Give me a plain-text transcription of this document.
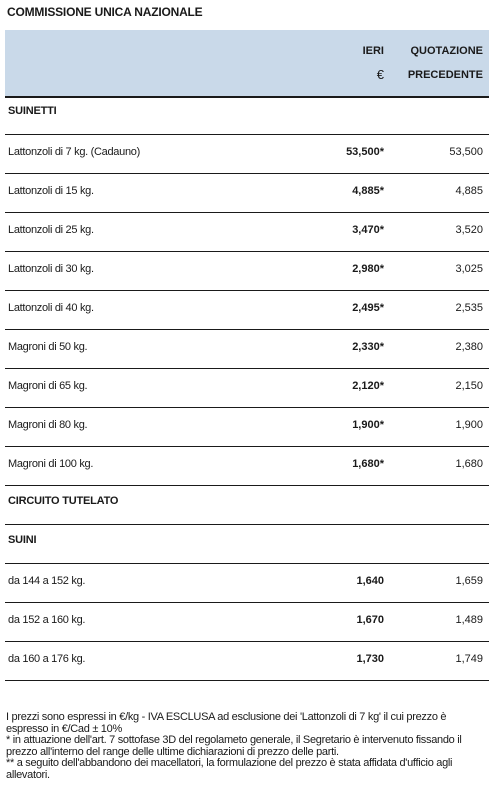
COMMISSIONE UNICA NAZIONALE
IERI
€
QUOTAZIONE
PRECEDENTE
SUINETTI
Lattonzoli di 7 kg. (Cadauno)	53,500*	53,500
Lattonzoli di 15 kg.	4,885*	4,885
Lattonzoli di 25 kg.	3,470*	3,520
Lattonzoli di 30 kg.	2,980*	3,025
Lattonzoli di 40 kg.	2,495*	2,535
Magroni di 50 kg.	2,330*	2,380
Magroni di 65 kg.	2,120*	2,150
Magroni di 80 kg.	1,900*	1,900
Magroni di 100 kg.	1,680*	1,680
CIRCUITO TUTELATO
SUINI
da 144 a 152 kg.	1,640	1,659
da 152 a 160 kg.	1,670	1,489
da 160 a 176 kg.	1,730	1,749

I prezzi sono espressi in €/kg - IVA ESCLUSA ad esclusione dei 'Lattonzoli di 7 kg' il cui prezzo è espresso in €/Cad ± 10%

* in attuazione dell'art. 7 sottofase 3D del regolameto generale, il Segretario è intervenuto fissando il prezzo all'interno del range delle ultime dichiarazioni di prezzo delle parti.

** a seguito dell'abbandono dei macellatori, la formulazione del prezzo è stata affidata d'ufficio agli allevatori.
